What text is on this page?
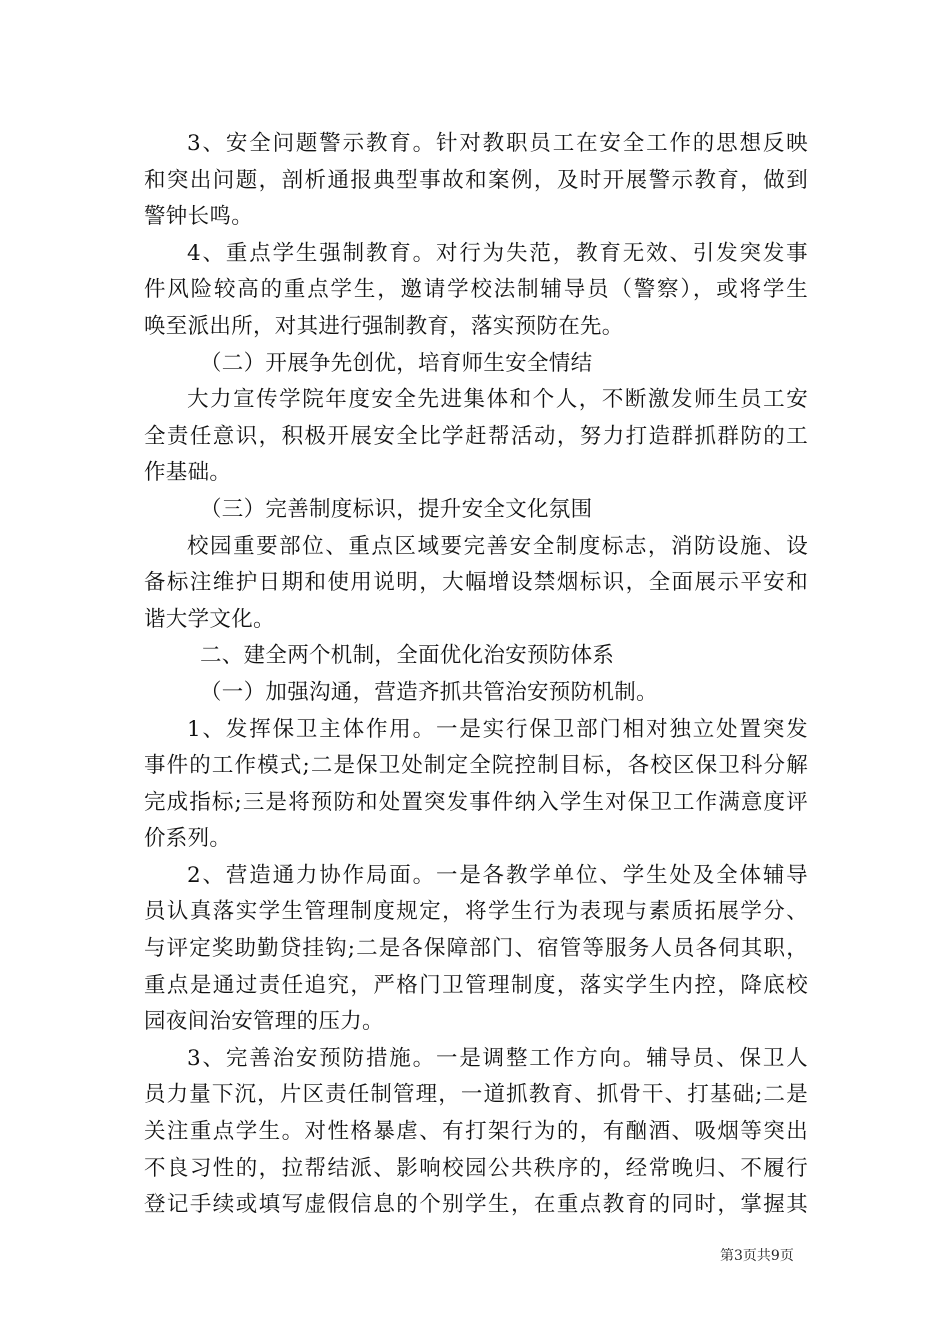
3、安全问题警示教育。针对教职员工在安全工作的思想反映
和突出问题，剖析通报典型事故和案例，及时开展警示教育，做到
警钟长鸣。
4、重点学生强制教育。对行为失范，教育无效、引发突发事
件风险较高的重点学生，邀请学校法制辅导员（警察），或将学生
唤至派出所，对其进行强制教育，落实预防在先。
（二）开展争先创优，培育师生安全情结
大力宣传学院年度安全先进集体和个人，不断激发师生员工安
全责任意识，积极开展安全比学赶帮活动，努力打造群抓群防的工
作基础。
（三）完善制度标识，提升安全文化氛围
校园重要部位、重点区域要完善安全制度标志，消防设施、设
备标注维护日期和使用说明，大幅增设禁烟标识，全面展示平安和
谐大学文化。
二、建全两个机制，全面优化治安预防体系
（一）加强沟通，营造齐抓共管治安预防机制。
1、发挥保卫主体作用。一是实行保卫部门相对独立处置突发
事件的工作模式;二是保卫处制定全院控制目标，各校区保卫科分解
完成指标;三是将预防和处置突发事件纳入学生对保卫工作满意度评
价系列。
2、营造通力协作局面。一是各教学单位、学生处及全体辅导
员认真落实学生管理制度规定，将学生行为表现与素质拓展学分、
与评定奖助勤贷挂钩;二是各保障部门、宿管等服务人员各伺其职，
重点是通过责任追究，严格门卫管理制度，落实学生内控，降底校
园夜间治安管理的压力。
3、完善治安预防措施。一是调整工作方向。辅导员、保卫人
员力量下沉，片区责任制管理，一道抓教育、抓骨干、打基础;二是
关注重点学生。对性格暴虐、有打架行为的，有酗酒、吸烟等突出
不良习性的，拉帮结派、影响校园公共秩序的，经常晚归、不履行
登记手续或填写虚假信息的个别学生，在重点教育的同时，掌握其
第3页共9页
